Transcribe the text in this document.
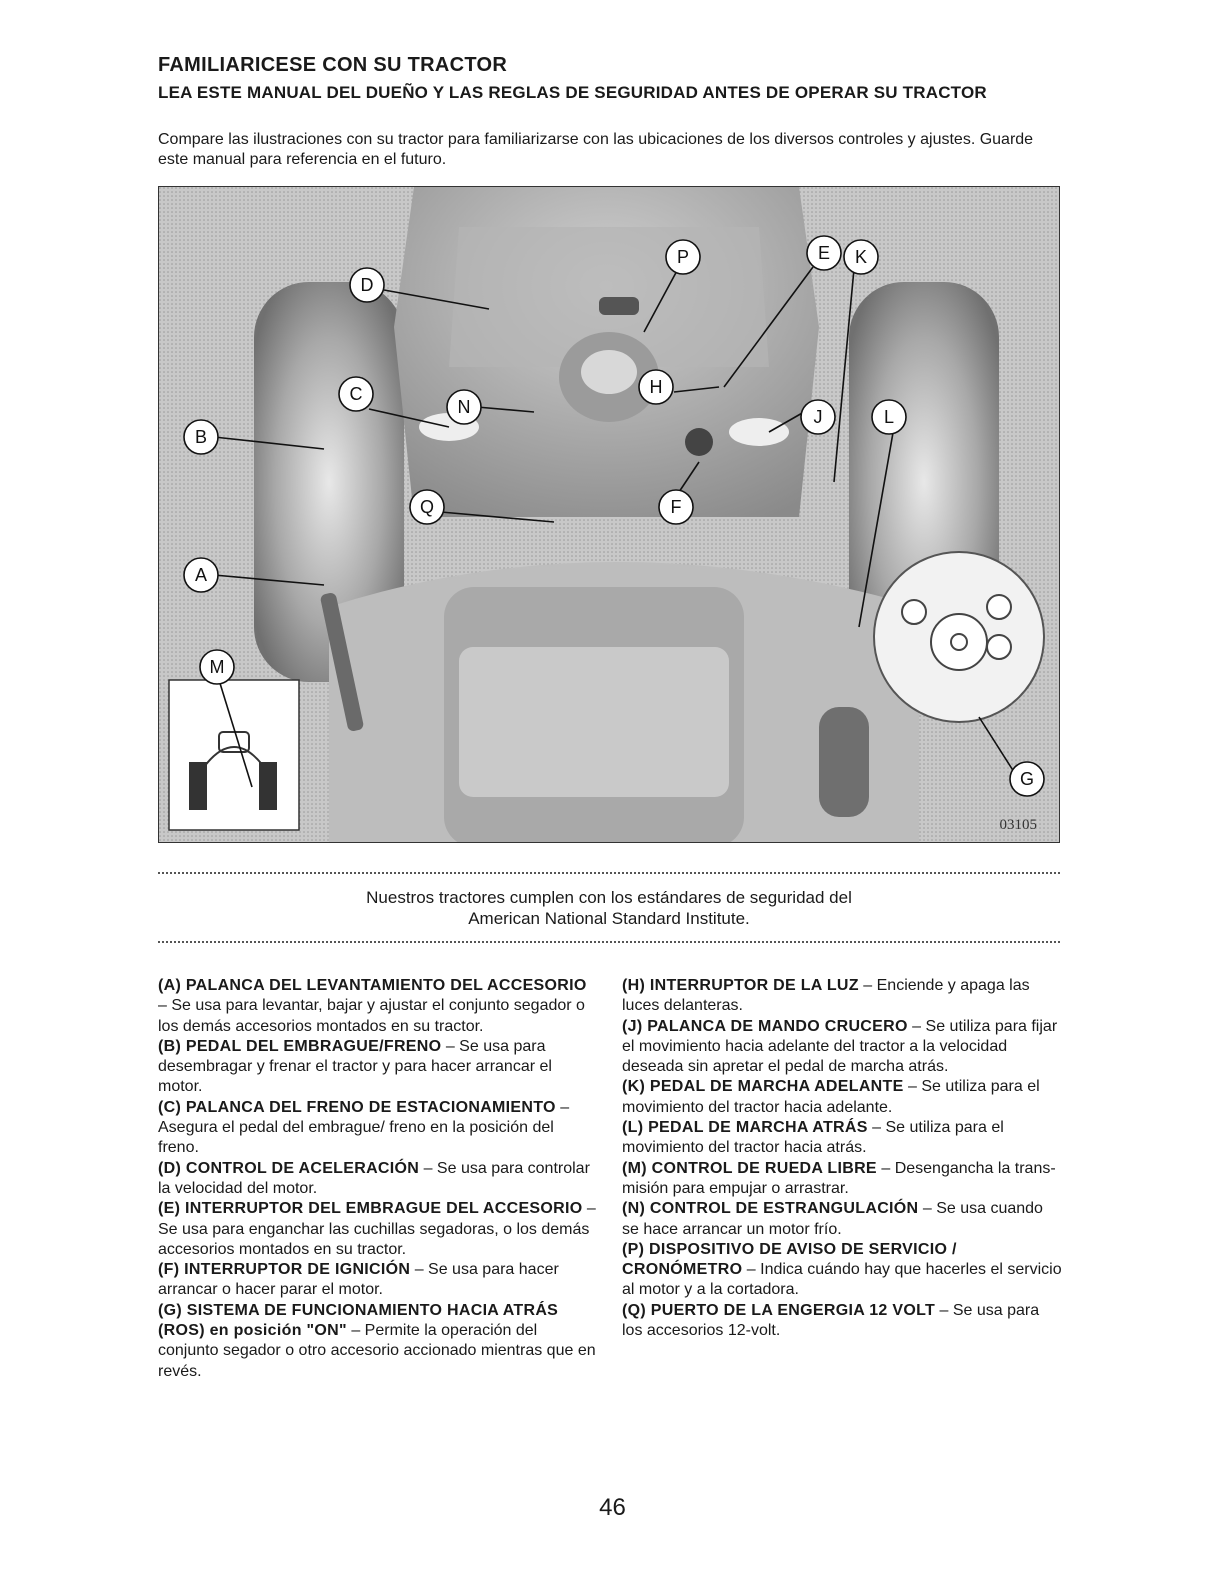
FAMILIARICESE CON SU TRACTOR
LEA ESTE MANUAL DEL DUEÑO Y LAS REGLAS DE SEGURIDAD ANTES DE OPERAR SU TRACTOR
Compare las ilustraciones con su tractor para familiarizarse con las ubicaciones de los diversos controles y ajustes. Guarde este manual para referencia en el futuro.
D
P	E K
C
N
H
J	L
B
Q	F
A
M
G
03105
Nuestros tractores cumplen con los estándares de seguridad del
American National Standard Institute.

(A) PALANCA DEL LEVANTAMIENTO DEL ACCESORIO – Se usa para levantar, bajar y ajustar el conjunto segador o los demás accesorios montados en su tractor.

(B) PEDAL DEL EMBRAGUE/FRENO – Se usa para desembragar y frenar el tractor y para hacer arrancar el motor.

(C) PALANCA DEL FRENO DE ESTACIONAMIENTO – Asegura el pedal del embrague/ freno en la posición del freno.

(D) CONTROL DE ACELERACIÓN – Se usa para controlar la velocidad del motor.

(E) INTERRUPTOR DEL EMBRAGUE DEL ACCESORIO – Se usa para enganchar las cuchillas segadoras, o los demás accesorios montados en su tractor.

(F) INTERRUPTOR DE IGNICIÓN – Se usa para hacer arrancar o hacer parar el motor.

(G) SISTEMA DE FUNCIONAMIENTO HACIA ATRÁS (ROS) en posición "ON" – Permite la operación del conjunto segador o otro accesorio accionado mientras que en revés.

(H) INTERRUPTOR DE LA LUZ – Enciende y apaga las luces delanteras.

(J) PALANCA DE MANDO CRUCERO – Se utiliza para fijar el movimiento hacia adelante del tractor a la velocidad deseada sin apretar el pedal de marcha atrás.

(K) PEDAL DE MARCHA ADELANTE – Se utiliza para el movimiento del tractor hacia adelante.

(L) PEDAL DE MARCHA ATRÁS – Se utiliza para el movimiento del tractor hacia atrás.

(M) CONTROL DE RUEDA LIBRE – Desengancha la trans-misión para empujar o arrastrar.

(N) CONTROL DE ESTRANGULACIÓN – Se usa cuando se hace arrancar un motor frío.

(P) DISPOSITIVO DE AVISO DE SERVICIO / CRONÓMETRO – Indica cuándo hay que hacerles el servicio al motor y a la cortadora.

(Q) PUERTO DE LA ENGERGIA 12 VOLT – Se usa para los accesorios 12-volt.

46
